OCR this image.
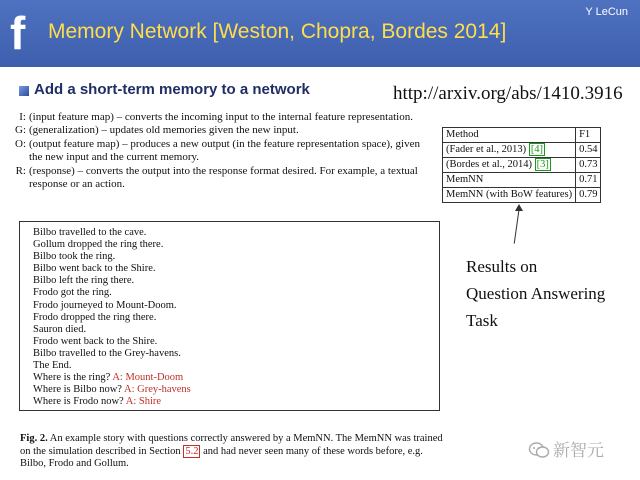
f Memory Network [Weston, Chopra, Bordes 2014]
Y LeCun
Add a short-term memory to a network	http://arxiv.org/abs/1410.3916

I: (input feature map) – converts the incoming input to the internal feature representation.

G: (generalization) – updates old memories given the new input.

O: (output feature map) – produces a new output (in the feature representation space), given the new input and the current memory.

R: (response) – converts the output into the response format desired. For example, a textual response or an action.

Method	F1
(Fader et al., 2013) [4]	0.54
(Bordes et al., 2014) [3]	0.73
MemNN	0.71
MemNN (with BoW features)	0.79
Results on
Question Answering
Task
Bilbo travelled to the cave.
Gollum dropped the ring there.
Bilbo took the ring.
Bilbo went back to the Shire.
Bilbo left the ring there.
Frodo got the ring.
Frodo journeyed to Mount-Doom.
Frodo dropped the ring there.
Sauron died.
Frodo went back to the Shire.
Bilbo travelled to the Grey-havens.
The End.
Where is the ring? A: Mount-Doom
Where is Bilbo now? A: Grey-havens
Where is Frodo now? A: Shire
Fig. 2. An example story with questions correctly answered by a MemNN. The MemNN was trained on the simulation described in Section 5.2 and had never seen many of these words before, e.g. Bilbo, Frodo and Gollum.
新智元
